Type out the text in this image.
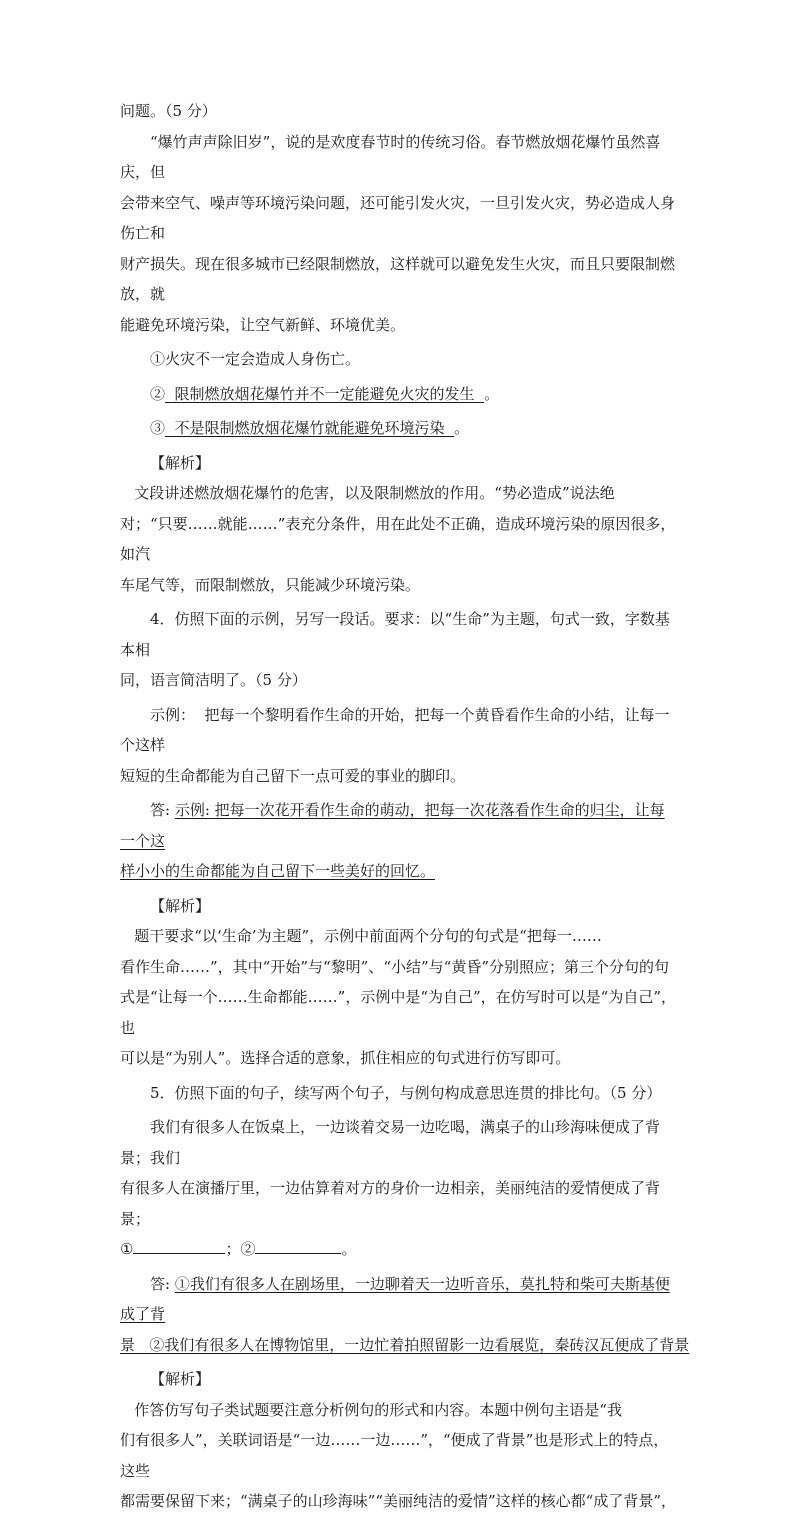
问题。（5 分）

“爆竹声声除旧岁”，说的是欢度春节时的传统习俗。春节燃放烟花爆竹虽然喜庆，但

会带来空气、噪声等环境污染问题，还可能引发火灾，一旦引发火灾，势必造成人身伤亡和

财产损失。现在很多城市已经限制燃放，这样就可以避免发生火灾，而且只要限制燃放，就

能避免环境污染，让空气新鲜、环境优美。

①火灾不一定会造成人身伤亡。

②  限制燃放烟花爆竹并不一定能避免火灾的发生  。

③  不是限制燃放烟花爆竹就能避免环境污染  。

【解析】   文段讲述燃放烟花爆竹的危害，以及限制燃放的作用。“势必造成”说法绝

对；“只要……就能……”表充分条件，用在此处不正确，造成环境污染的原因很多，如汽

车尾气等，而限制燃放，只能减少环境污染。

4．仿照下面的示例，另写一段话。要求：以“生命”为主题，句式一致，字数基本相

同，语言简洁明了。（5 分）

示例：  把每一个黎明看作生命的开始，把每一个黄昏看作生命的小结，让每一个这样

短短的生命都能为自己留下一点可爱的事业的脚印。

答: 示例: 把每一次花开看作生命的萌动，把每一次花落看作生命的归尘，让每一个这

样小小的生命都能为自己留下一些美好的回忆。

【解析】   题干要求“以‘生命’为主题”，示例中前面两个分句的句式是“把每一……

看作生命……”，其中“开始”与“黎明”、“小结”与“黄昏”分别照应；第三个分句的句

式是“让每一个……生命都能……”，示例中是“为自己”，在仿写时可以是“为自己”，也

可以是“为别人”。选择合适的意象，抓住相应的句式进行仿写即可。

5．仿照下面的句子，续写两个句子，与例句构成意思连贯的排比句。（5 分）

我们有很多人在饭桌上，一边谈着交易一边吃喝，满桌子的山珍海味便成了背景；我们

有很多人在演播厅里，一边估算着对方的身价一边相亲，美丽纯洁的爱情便成了背景；

①	；②	。

答: ①我们有很多人在剧场里，一边聊着天一边听音乐，莫扎特和柴可夫斯基便成了背

景   ②我们有很多人在博物馆里，一边忙着拍照留影一边看展览，秦砖汉瓦便成了背景

【解析】   作答仿写句子类试题要注意分析例句的形式和内容。本题中例句主语是“我

们有很多人”，关联词语是“一边……一边……”，“便成了背景”也是形式上的特点，这些

都需要保留下来；“满桌子的山珍海味”“美丽纯洁的爱情”这样的核心都“成了背景”，
